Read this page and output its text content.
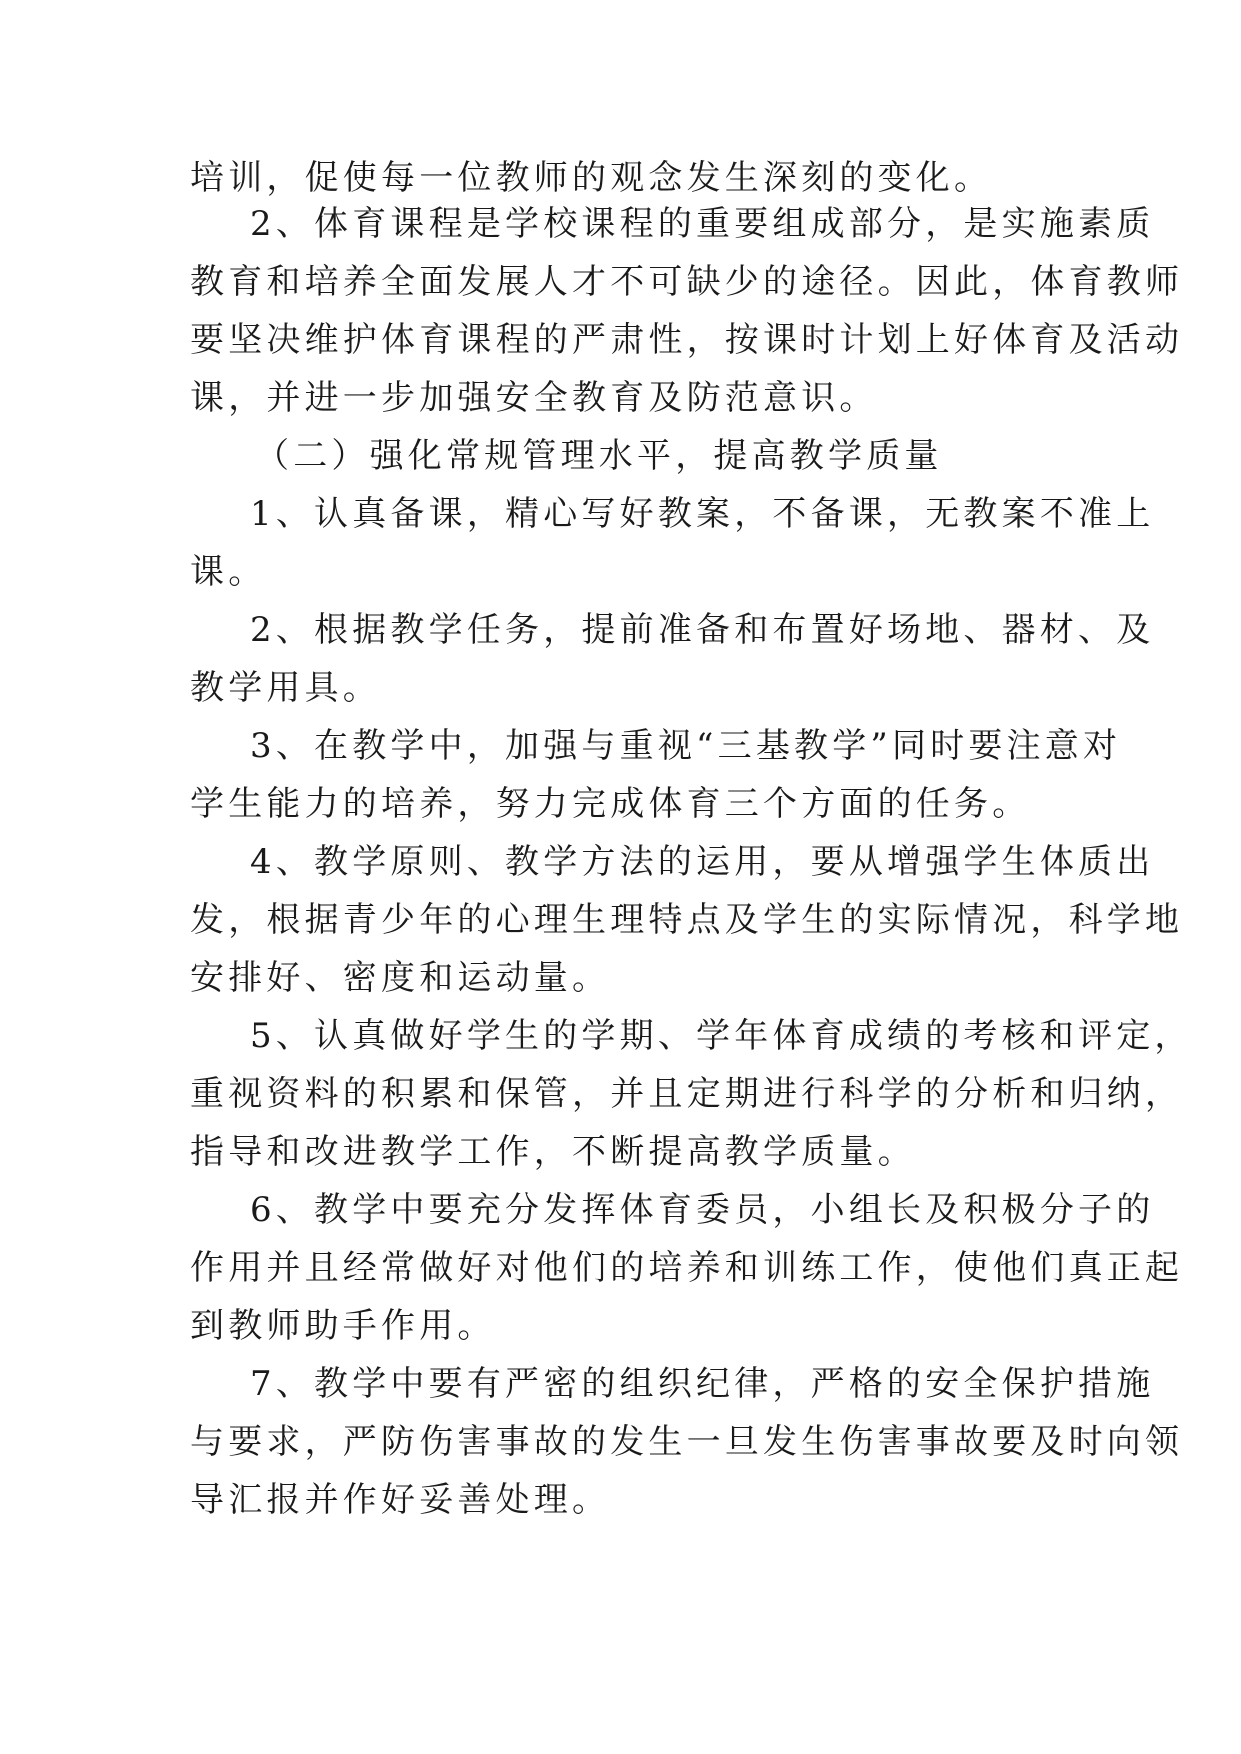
培训，促使每一位教师的观念发生深刻的变化。
2、体育课程是学校课程的重要组成部分，是实施素质
教育和培养全面发展人才不可缺少的途径。因此，体育教师
要坚决维护体育课程的严肃性，按课时计划上好体育及活动
课，并进一步加强安全教育及防范意识。
（二）强化常规管理水平，提高教学质量
1、认真备课，精心写好教案，不备课，无教案不准上
课。
2、根据教学任务，提前准备和布置好场地、器材、及
教学用具。
3、在教学中，加强与重视“三基教学”同时要注意对
学生能力的培养，努力完成体育三个方面的任务。
4、教学原则、教学方法的运用，要从增强学生体质出
发，根据青少年的心理生理特点及学生的实际情况，科学地
安排好、密度和运动量。
5、认真做好学生的学期、学年体育成绩的考核和评定，
重视资料的积累和保管，并且定期进行科学的分析和归纳，
指导和改进教学工作，不断提高教学质量。
6、教学中要充分发挥体育委员，小组长及积极分子的
作用并且经常做好对他们的培养和训练工作，使他们真正起
到教师助手作用。
7、教学中要有严密的组织纪律，严格的安全保护措施
与要求，严防伤害事故的发生一旦发生伤害事故要及时向领
导汇报并作好妥善处理。
